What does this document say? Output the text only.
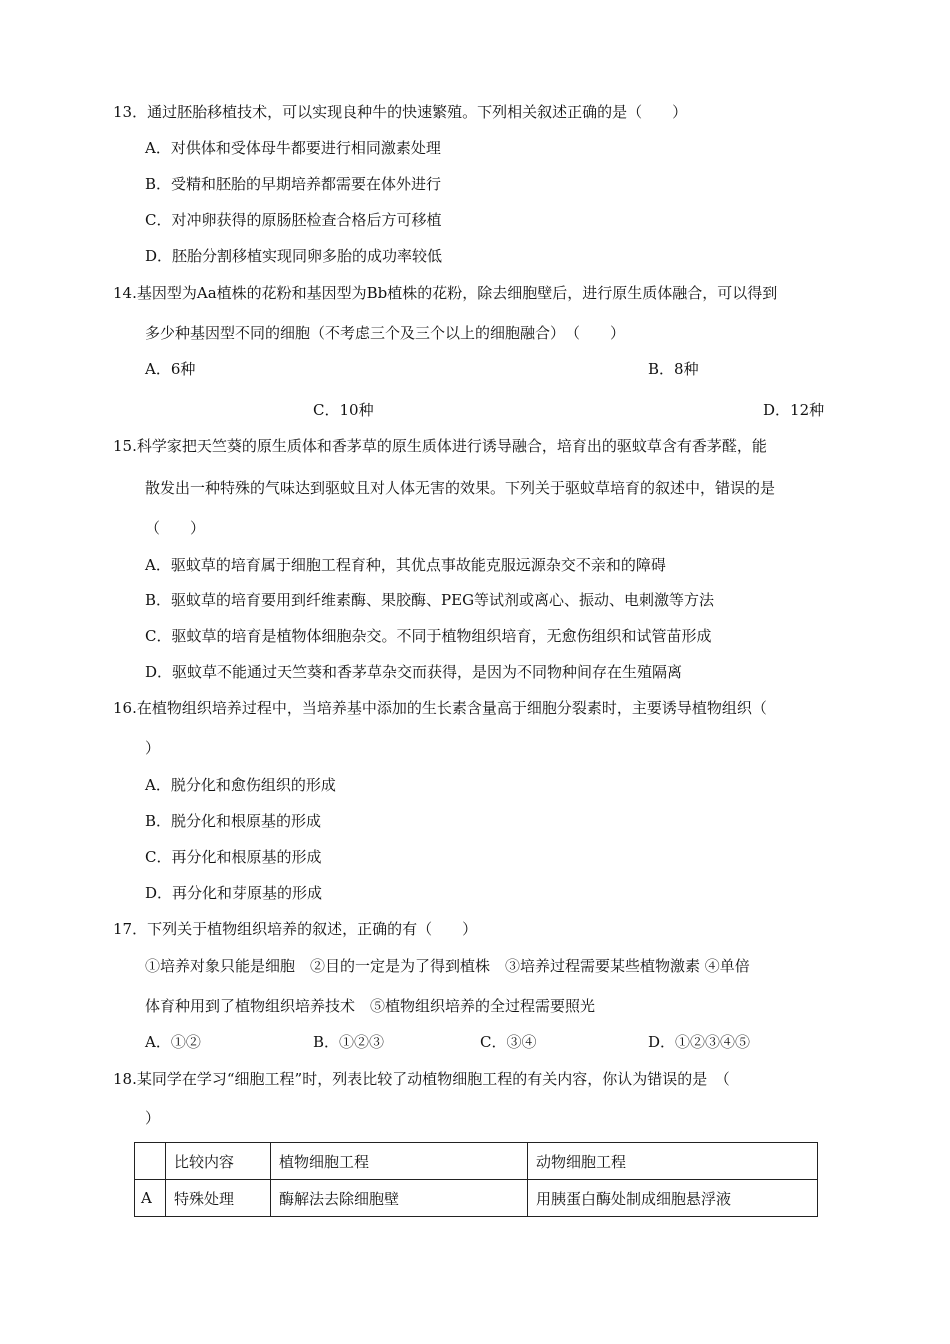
13．通过胚胎移植技术，可以实现良种牛的快速繁殖。下列相关叙述正确的是（　　）
A．对供体和受体母牛都要进行相同激素处理
B．受精和胚胎的早期培养都需要在体外进行
C．对冲卵获得的原肠胚检查合格后方可移植
D．胚胎分割移植实现同卵多胎的成功率较低
14.基因型为Aa植株的花粉和基因型为Bb植株的花粉，除去细胞壁后，进行原生质体融合，可以得到
多少种基因型不同的细胞（不考虑三个及三个以上的细胞融合）　（　　）
A．6种	B．8种
C．10种	D．12种
15.科学家把天竺葵的原生质体和香茅草的原生质体进行诱导融合，培育出的驱蚊草含有香茅醛，能
散发出一种特殊的气味达到驱蚊且对人体无害的效果。下列关于驱蚊草培育的叙述中，错误的是
（　　）
A．驱蚊草的培育属于细胞工程育种，其优点事故能克服远源杂交不亲和的障碍
B．驱蚊草的培育要用到纤维素酶、果胶酶、PEG等试剂或离心、振动、电刺激等方法
C．驱蚊草的培育是植物体细胞杂交。不同于植物组织培育，无愈伤组织和试管苗形成
D．驱蚊草不能通过天竺葵和香茅草杂交而获得，是因为不同物种间存在生殖隔离
16.在植物组织培养过程中，当培养基中添加的生长素含量高于细胞分裂素时，主要诱导植物组织（
）
A．脱分化和愈伤组织的形成
B．脱分化和根原基的形成
C．再分化和根原基的形成
D．再分化和芽原基的形成
17．下列关于植物组织培养的叙述，正确的有（　　）
①培养对象只能是细胞　②目的一定是为了得到植株　③培养过程需要某些植物激素 ④单倍
体育种用到了植物组织培养技术　⑤植物组织培养的全过程需要照光
A．①②	B．①②③	C．③④	D．①②③④⑤
18.某同学在学习“细胞工程”时，列表比较了动植物细胞工程的有关内容，你认为错误的是　（
）
	比较内容	植物细胞工程	动物细胞工程
A	特殊处理	酶解法去除细胞壁	用胰蛋白酶处制成细胞悬浮液
